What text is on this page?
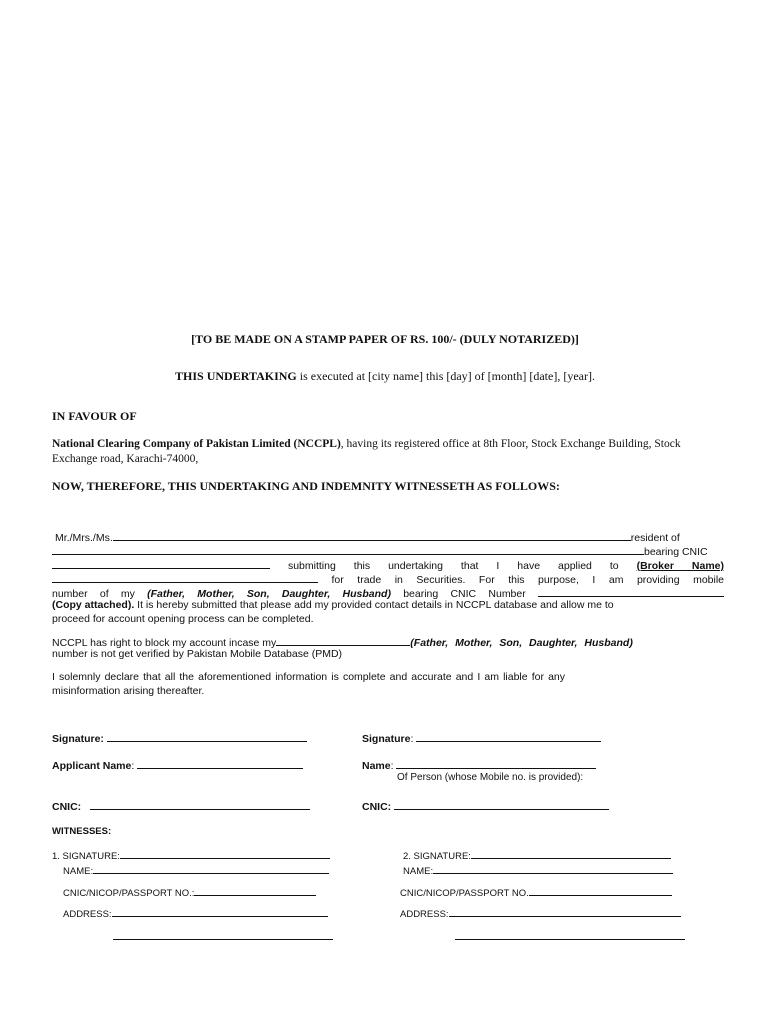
[TO BE MADE ON A STAMP PAPER OF RS. 100/- (DULY NOTARIZED)]
THIS UNDERTAKING is executed at [city name] this [day] of [month] [date], [year].
IN FAVOUR OF
National Clearing Company of Pakistan Limited (NCCPL), having its registered office at 8th Floor, Stock Exchange Building, Stock Exchange road, Karachi-74000,
NOW, THEREFORE, THIS UNDERTAKING AND INDEMNITY WITNESSETH AS FOLLOWS:
Mr./Mrs./Ms.	resident of
bearing CNIC
submitting this undertaking that I have applied to (Broker Name)
for trade in Securities. For this purpose, I am providing mobile
number of my (Father, Mother, Son, Daughter, Husband) bearing CNIC Number
(Copy attached). It is hereby submitted that please add my provided contact details in NCCPL database and allow me to
proceed for account opening process can be completed.
NCCPL has right to block my account incase my	(Father, Mother, Son, Daughter, Husband)
number is not get verified by Pakistan Mobile Database (PMD)
I solemnly declare that all the aforementioned information is complete and accurate and I am liable for any
misinformation arising thereafter.
Signature:	Signature:
Applicant Name:	Name:
Of Person (whose Mobile no. is provided):
CNIC:	CNIC:
WITNESSES:
1. SIGNATURE:
NAME:
CNIC/NICOP/PASSPORT NO.:
ADDRESS:
2. SIGNATURE:
NAME:
CNIC/NICOP/PASSPORT NO.
ADDRESS:
